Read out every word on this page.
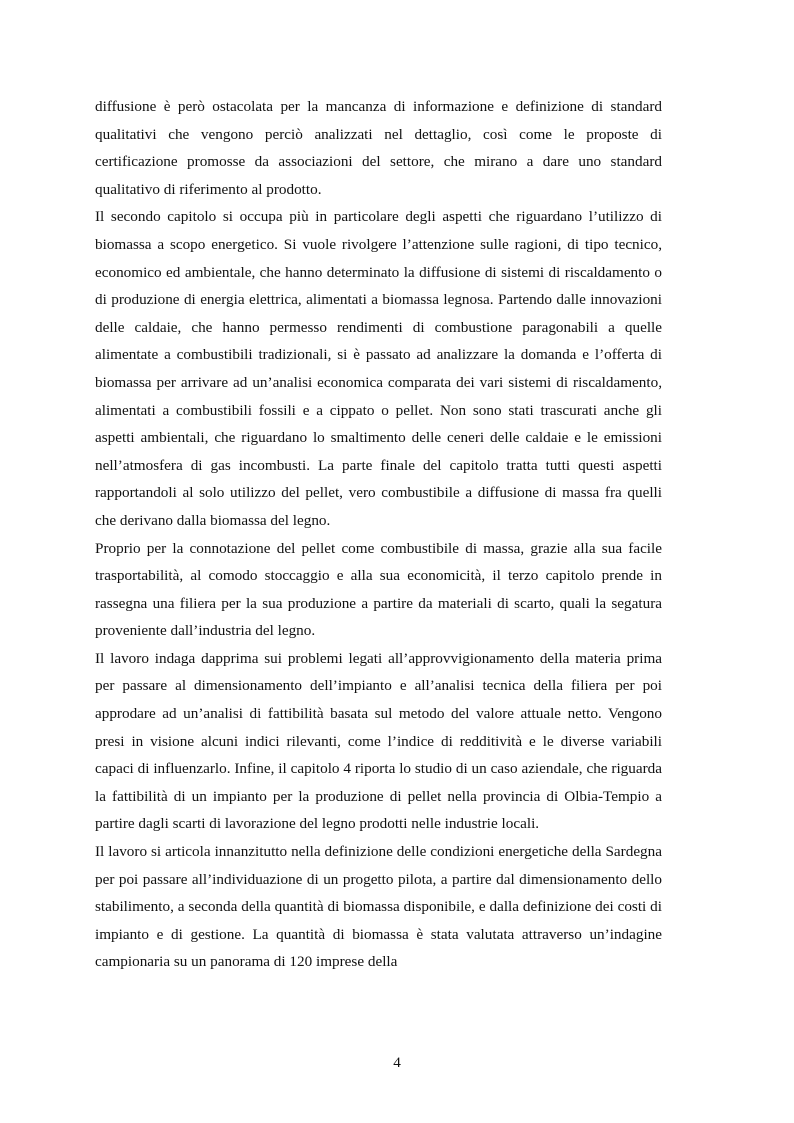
diffusione è però ostacolata per la mancanza di informazione e definizione di standard qualitativi che vengono perciò analizzati nel dettaglio, così come le proposte di certificazione promosse da associazioni del settore, che mirano a dare uno standard qualitativo di riferimento al prodotto.

Il secondo capitolo si occupa più in particolare degli aspetti che riguardano l’utilizzo di biomassa a scopo energetico. Si vuole rivolgere l’attenzione sulle ragioni, di tipo tecnico, economico ed ambientale, che hanno determinato la diffusione di sistemi di riscaldamento o di produzione di energia elettrica, alimentati a biomassa legnosa. Partendo dalle innovazioni delle caldaie, che hanno permesso rendimenti di combustione paragonabili a quelle alimentate a combustibili tradizionali, si è passato ad analizzare la domanda e l’offerta di biomassa per arrivare ad un’analisi economica comparata dei vari sistemi di riscaldamento, alimentati a combustibili fossili e a cippato o pellet. Non sono stati trascurati anche gli aspetti ambientali, che riguardano lo smaltimento delle ceneri delle caldaie e le emissioni nell’atmosfera di gas incombusti. La parte finale del capitolo tratta tutti questi aspetti rapportandoli al solo utilizzo del pellet, vero combustibile a diffusione di massa fra quelli che derivano dalla biomassa del legno.

Proprio per la connotazione del pellet come combustibile di massa, grazie alla sua facile trasportabilità, al comodo stoccaggio e alla sua economicità, il terzo capitolo prende in rassegna una filiera per la sua produzione a partire da materiali di scarto, quali la segatura proveniente dall’industria del legno.

Il lavoro indaga dapprima sui problemi legati all’approvvigionamento della materia prima per passare al dimensionamento dell’impianto e all’analisi tecnica della filiera per poi approdare ad un’analisi di fattibilità basata sul metodo del valore attuale netto. Vengono presi in visione alcuni indici rilevanti, come l’indice di redditività e le diverse variabili capaci di influenzarlo. Infine, il capitolo 4 riporta lo studio di un caso aziendale, che riguarda la fattibilità di un impianto per la produzione di pellet nella provincia di Olbia-Tempio a partire dagli scarti di lavorazione del legno prodotti nelle industrie locali.

Il lavoro si articola innanzitutto nella definizione delle condizioni energetiche della Sardegna per poi passare all’individuazione di un progetto pilota, a partire dal dimensionamento dello stabilimento, a seconda della quantità di biomassa disponibile, e dalla definizione dei costi di impianto e di gestione. La quantità di biomassa è stata valutata attraverso un’indagine campionaria su un panorama di 120 imprese della

4
